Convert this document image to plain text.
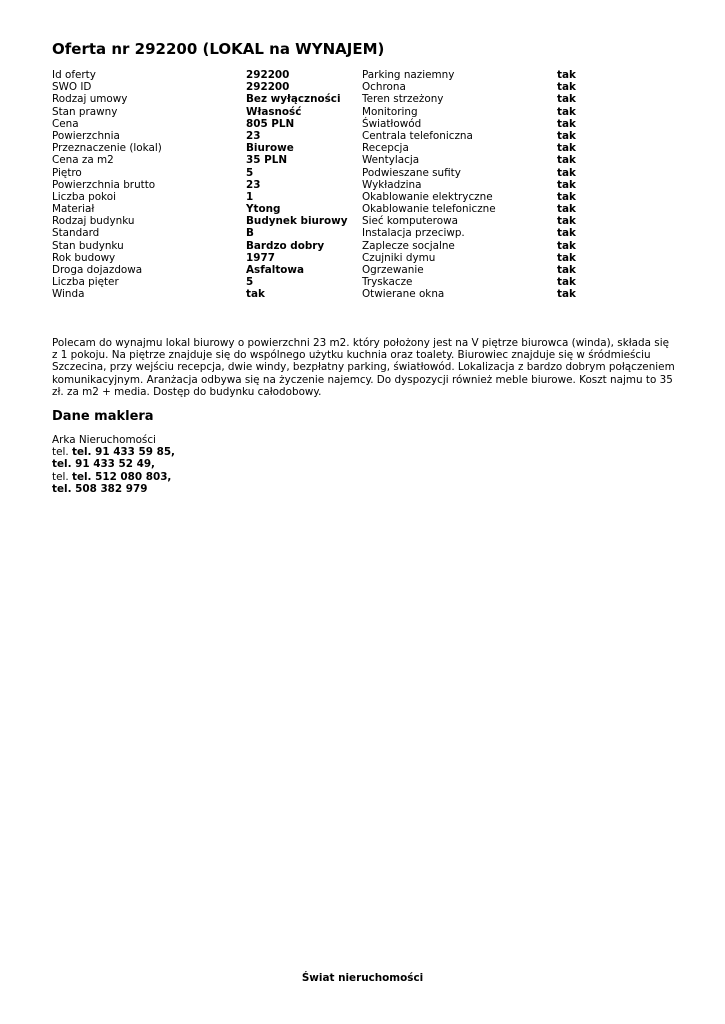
Oferta nr 292200 (LOKAL na WYNAJEM)
Id oferty	292200	Parking naziemny	tak
SWO ID	292200	Ochrona	tak
Rodzaj umowy	Bez wyłączności	Teren strzeżony	tak
Stan prawny	Własność	Monitoring	tak
Cena	805 PLN	Światłowód	tak
Powierzchnia	23	Centrala telefoniczna	tak
Przeznaczenie (lokal)	Biurowe	Recepcja	tak
Cena za m2	35 PLN	Wentylacja	tak
Piętro	5	Podwieszane sufity	tak
Powierzchnia brutto	23	Wykładzina	tak
Liczba pokoi	1	Okablowanie elektryczne	tak
Materiał	Ytong	Okablowanie telefoniczne	tak
Rodzaj budynku	Budynek biurowy	Sieć komputerowa	tak
Standard	B	Instalacja przeciwp.	tak
Stan budynku	Bardzo dobry	Zaplecze socjalne	tak
Rok budowy	1977	Czujniki dymu	tak
Droga dojazdowa	Asfaltowa	Ogrzewanie	tak
Liczba pięter	5	Tryskacze	tak
Winda	tak	Otwierane okna	tak

Polecam do wynajmu lokal biurowy o powierzchni 23 m2. który położony jest na V piętrze biurowca (winda), składa się z 1 pokoju. Na piętrze znajduje się do wspólnego użytku kuchnia oraz toalety. Biurowiec znajduje się w śródmieściu Szczecina, przy wejściu recepcja, dwie windy, bezpłatny parking, światłowód. Lokalizacja z bardzo dobrym połączeniem komunikacyjnym. Aranżacja odbywa się na życzenie najemcy. Do dyspozycji również meble biurowe. Koszt najmu to 35 zł. za m2 + media. Dostęp do budynku całodobowy.

Dane maklera
Arka Nieruchomości
tel. tel. 91 433 59 85,
tel. 91 433 52 49,
tel. tel. 512 080 803,
tel. 508 382 979
Świat nieruchomości
